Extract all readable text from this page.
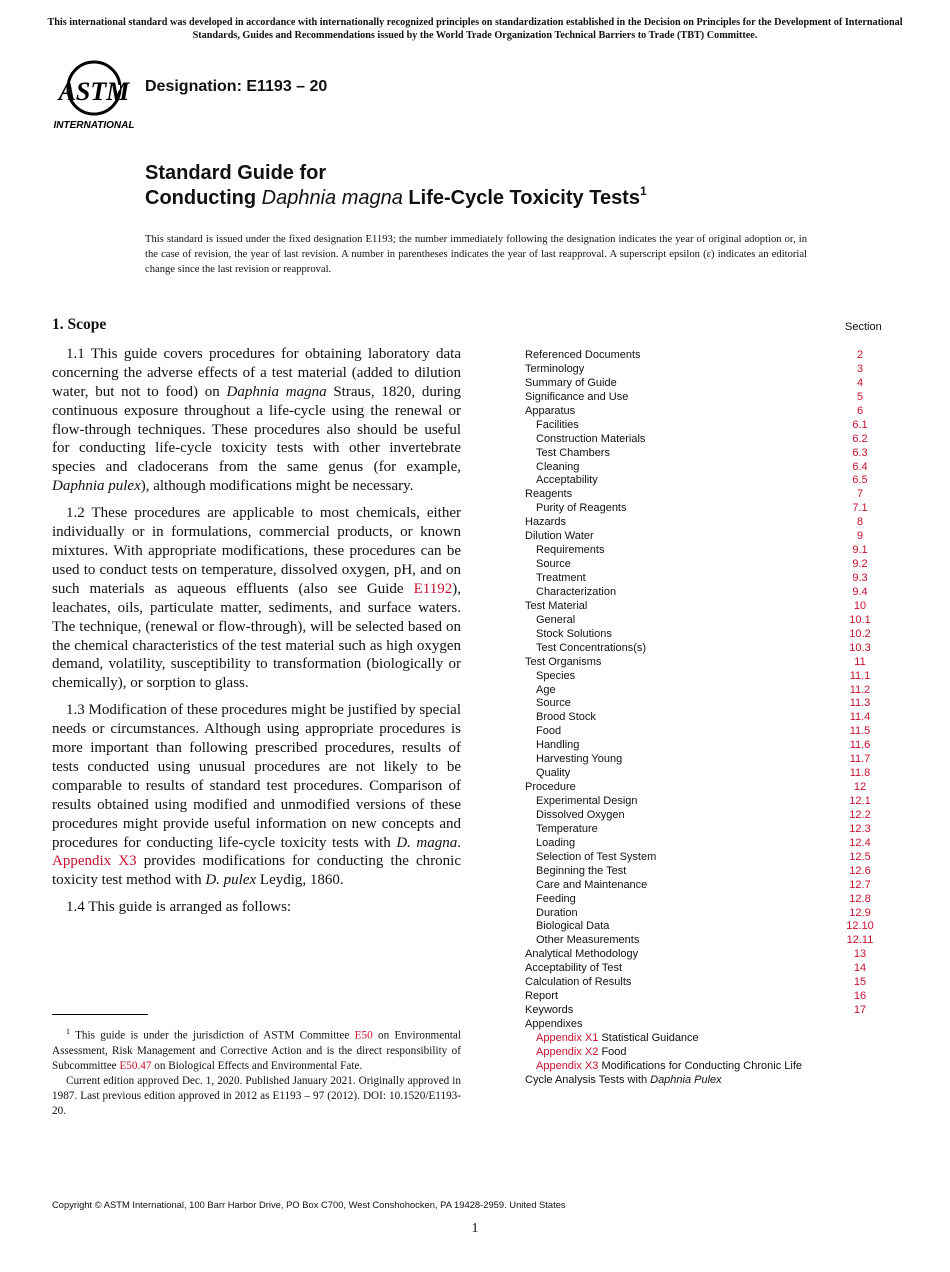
This international standard was developed in accordance with internationally recognized principles on standardization established in the Decision on Principles for the Development of International Standards, Guides and Recommendations issued by the World Trade Organization Technical Barriers to Trade (TBT) Committee.
ASTM
INTERNATIONAL
Designation: E1193 – 20
Standard Guide for
Conducting Daphnia magna Life-Cycle Toxicity Tests$^1$
This standard is issued under the fixed designation E1193; the number immediately following the designation indicates the year of original adoption or, in the case of revision, the year of last revision. A number in parentheses indicates the year of last reapproval. A superscript epsilon (ε) indicates an editorial change since the last revision or reapproval.
1. Scope

1.1 This guide covers procedures for obtaining laboratory data concerning the adverse effects of a test material (added to dilution water, but not to food) on Daphnia magna Straus, 1820, during continuous exposure throughout a life-cycle using the renewal or flow-through techniques. These procedures also should be useful for conducting life-cycle toxicity tests with other invertebrate species and cladocerans from the same genus (for example, Daphnia pulex), although modifications might be necessary.

1.2 These procedures are applicable to most chemicals, either individually or in formulations, commercial products, or known mixtures. With appropriate modifications, these procedures can be used to conduct tests on temperature, dissolved oxygen, pH, and on such materials as aqueous effluents (also see Guide E1192), leachates, oils, particulate matter, sediments, and surface waters. The technique, (renewal or flow-through), will be selected based on the chemical characteristics of the test material such as high oxygen demand, volatility, susceptibility to transformation (biologically or chemically), or sorption to glass.

1.3 Modification of these procedures might be justified by special needs or circumstances. Although using appropriate procedures is more important than following prescribed procedures, results of tests conducted using unusual procedures are not likely to be comparable to results of standard test procedures. Comparison of results obtained using modified and unmodified versions of these procedures might provide useful information on new concepts and procedures for conducting life-cycle toxicity tests with D. magna. Appendix X3 provides modifications for conducting the chronic toxicity test method with D. pulex Leydig, 1860.

1.4 This guide is arranged as follows:

$^1$ This guide is under the jurisdiction of ASTM Committee E50 on Environmental Assessment, Risk Management and Corrective Action and is the direct responsibility of Subcommittee E50.47 on Biological Effects and Environmental Fate.

Current edition approved Dec. 1, 2020. Published January 2021. Originally approved in 1987. Last previous edition approved in 2012 as E1193 – 97 (2012). DOI: 10.1520/E1193-20.

Section
Referenced Documents	2
Terminology	3
Summary of Guide	4
Significance and Use	5
Apparatus	6
Facilities	6.1
Construction Materials	6.2
Test Chambers	6.3
Cleaning	6.4
Acceptability	6.5
Reagents	7
Purity of Reagents	7.1
Hazards	8
Dilution Water	9
Requirements	9.1
Source	9.2
Treatment	9.3
Characterization	9.4
Test Material	10
General	10.1
Stock Solutions	10.2
Test Concentrations(s)	10.3
Test Organisms	11
Species	11.1
Age	11.2
Source	11.3
Brood Stock	11.4
Food	11.5
Handling	11.6
Harvesting Young	11.7
Quality	11.8
Procedure	12
Experimental Design	12.1
Dissolved Oxygen	12.2
Temperature	12.3
Loading	12.4
Selection of Test System	12.5
Beginning the Test	12.6
Care and Maintenance	12.7
Feeding	12.8
Duration	12.9
Biological Data	12.10
Other Measurements	12.11
Analytical Methodology	13
Acceptability of Test	14
Calculation of Results	15
Report	16
Keywords	17
Appendixes
Appendix X1 Statistical Guidance
Appendix X2 Food
Appendix X3 Modifications for Conducting Chronic Life
Cycle Analysis Tests with Daphnia Pulex
Copyright © ASTM International, 100 Barr Harbor Drive, PO Box C700, West Conshohocken, PA 19428-2959. United States
1
